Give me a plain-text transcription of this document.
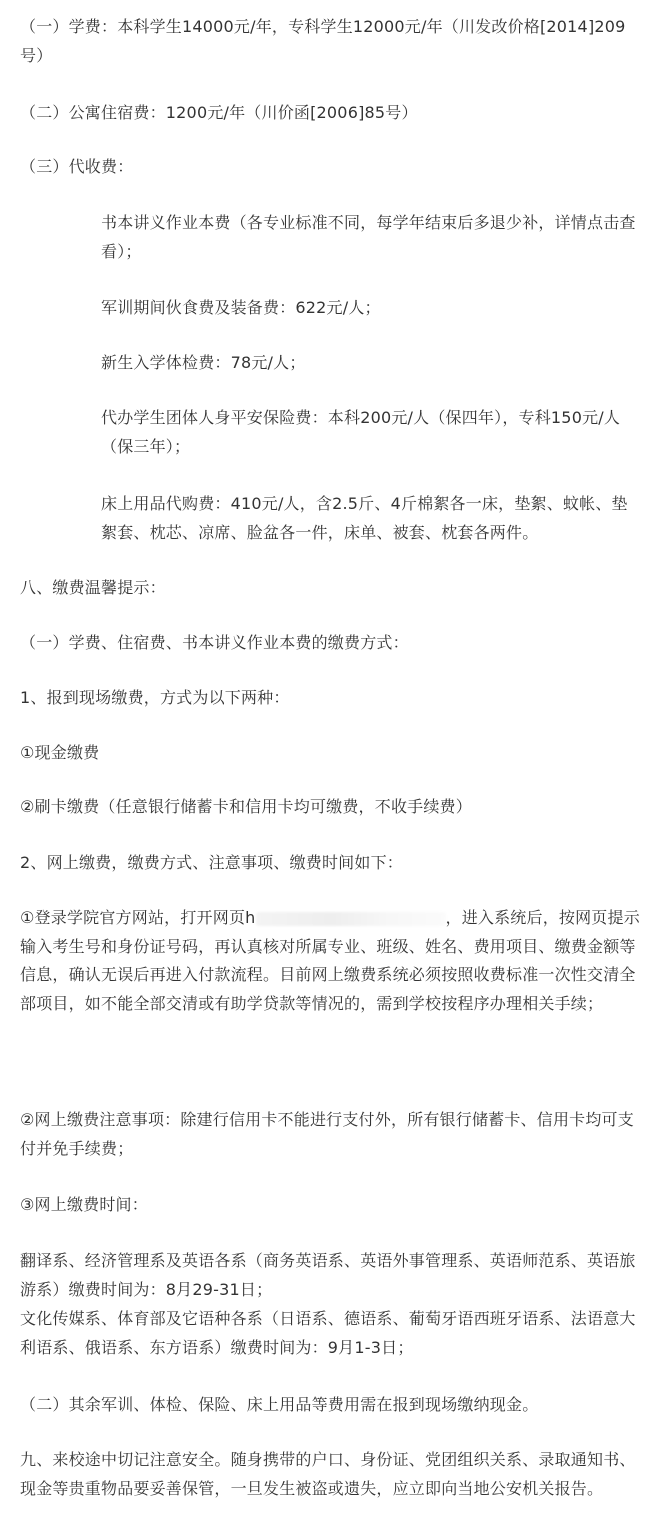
（一）学费：本科学生14000元/年，专科学生12000元/年（川发改价格[2014]209号）

（二）公寓住宿费：1200元/年（川价函[2006]85号）

（三）代收费：

书本讲义作业本费（各专业标准不同，每学年结束后多退少补，详情点击查看）；

军训期间伙食费及装备费：622元/人；

新生入学体检费：78元/人；

代办学生团体人身平安保险费：本科200元/人（保四年），专科150元/人（保三年）；

床上用品代购费：410元/人，含2.5斤、4斤棉絮各一床，垫絮、蚊帐、垫絮套、枕芯、凉席、脸盆各一件，床单、被套、枕套各两件。

八、缴费温馨提示：

（一）学费、住宿费、书本讲义作业本费的缴费方式：

1、报到现场缴费，方式为以下两种：

①现金缴费

②刷卡缴费（任意银行储蓄卡和信用卡均可缴费，不收手续费）

2、网上缴费，缴费方式、注意事项、缴费时间如下：

①登录学院官方网站，打开网页h	，进入系统后，按网页提示输入考生号和身份证号码，再认真核对所属专业、班级、姓名、费用项目、缴费金额等信息，确认无误后再进入付款流程。目前网上缴费系统必须按照收费标准一次性交清全部项目，如不能全部交清或有助学贷款等情况的，需到学校按程序办理相关手续；

②网上缴费注意事项：除建行信用卡不能进行支付外，所有银行储蓄卡、信用卡均可支付并免手续费；

③网上缴费时间：

翻译系、经济管理系及英语各系（商务英语系、英语外事管理系、英语师范系、英语旅游系）缴费时间为：8月29-31日；

文化传媒系、体育部及它语种各系（日语系、德语系、葡萄牙语西班牙语系、法语意大利语系、俄语系、东方语系）缴费时间为：9月1-3日；

（二）其余军训、体检、保险、床上用品等费用需在报到现场缴纳现金。

九、来校途中切记注意安全。随身携带的户口、身份证、党团组织关系、录取通知书、现金等贵重物品要妥善保管，一旦发生被盗或遗失，应立即向当地公安机关报告。
